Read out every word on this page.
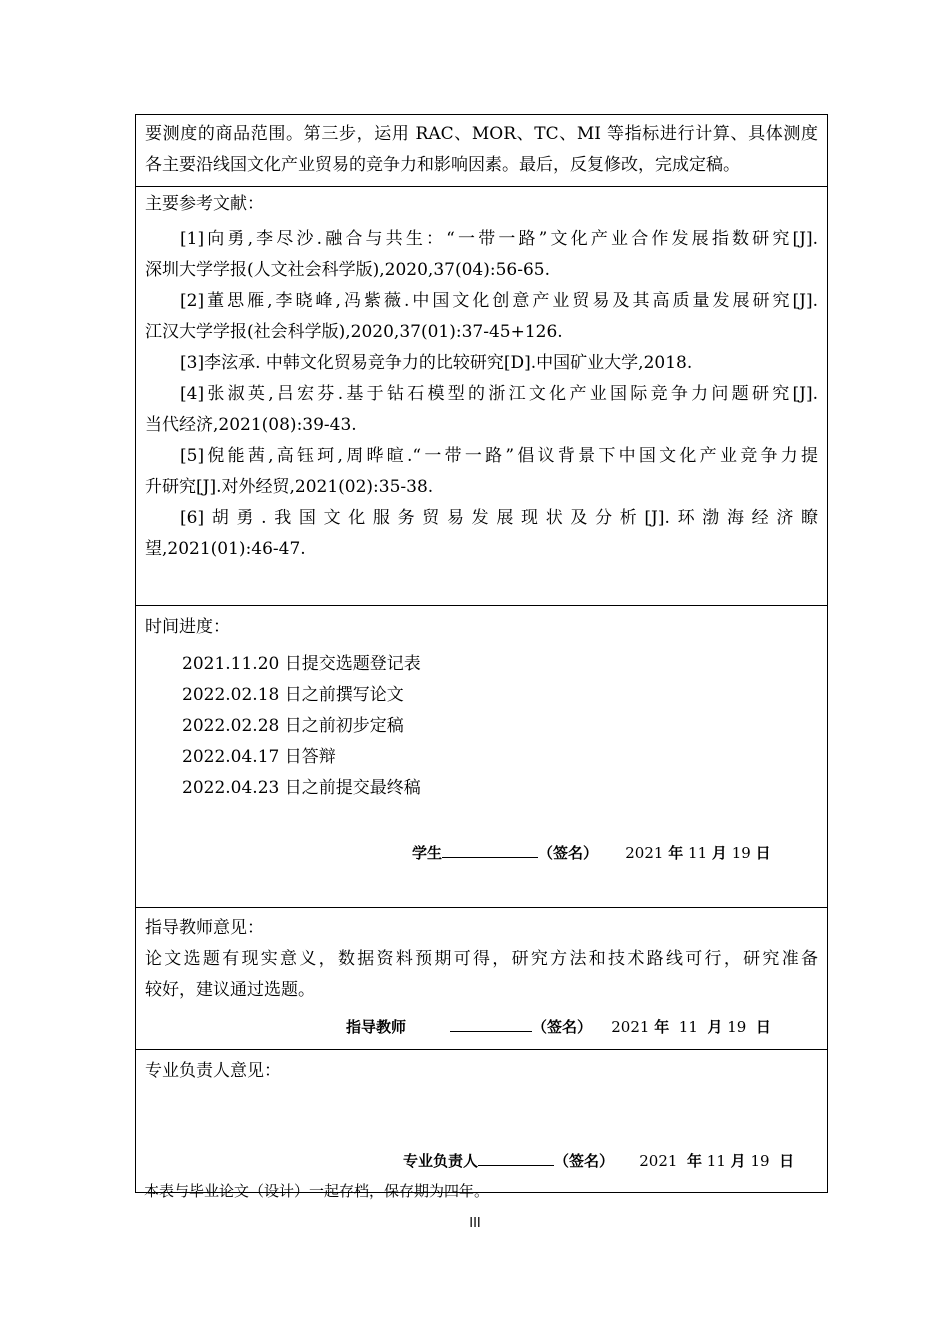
要测度的商品范围。第三步，运用 RAC、MOR、TC、MI 等指标进行计算、具体测度
各主要沿线国文化产业贸易的竞争力和影响因素。最后，反复修改，完成定稿。

主要参考文献：
[1]向勇,李尽沙.融合与共生：“一带一路”文化产业合作发展指数研究[J].
深圳大学学报(人文社会科学版),2020,37(04):56-65.
[2]董思雁,李晓峰,冯紫薇.中国文化创意产业贸易及其高质量发展研究[J].
江汉大学学报(社会科学版),2020,37(01):37-45+126.
[3]李泫承. 中韩文化贸易竞争力的比较研究[D].中国矿业大学,2018.
[4]张淑英,吕宏芬.基于钻石模型的浙江文化产业国际竞争力问题研究[J].
当代经济,2021(08):39-43.
[5]倪能茜,高钰珂,周晔暄.“一带一路”倡议背景下中国文化产业竞争力提
升研究[J].对外经贸,2021(02):35-38.
[6]胡勇.我国文化服务贸易发展现状及分析[J].环渤海经济瞭
望,2021(01):46-47.

时间进度：
2021.11.20 日提交选题登记表
2022.02.18 日之前撰写论文
2022.02.28 日之前初步定稿
2022.04.17 日答辩
2022.04.23 日之前提交最终稿
学生	（签名） 2021 年 11 月 19 日

指导教师意见：
论文选题有现实意义，数据资料预期可得，研究方法和技术路线可行，研究准备
较好，建议通过选题。
指导教师	（签名） 2021 年 11 月 19 日

专业负责人意见：
专业负责人	（签名） 2021 年 11 月 19 日
本表与毕业论文（设计）一起存档，保存期为四年。
III
